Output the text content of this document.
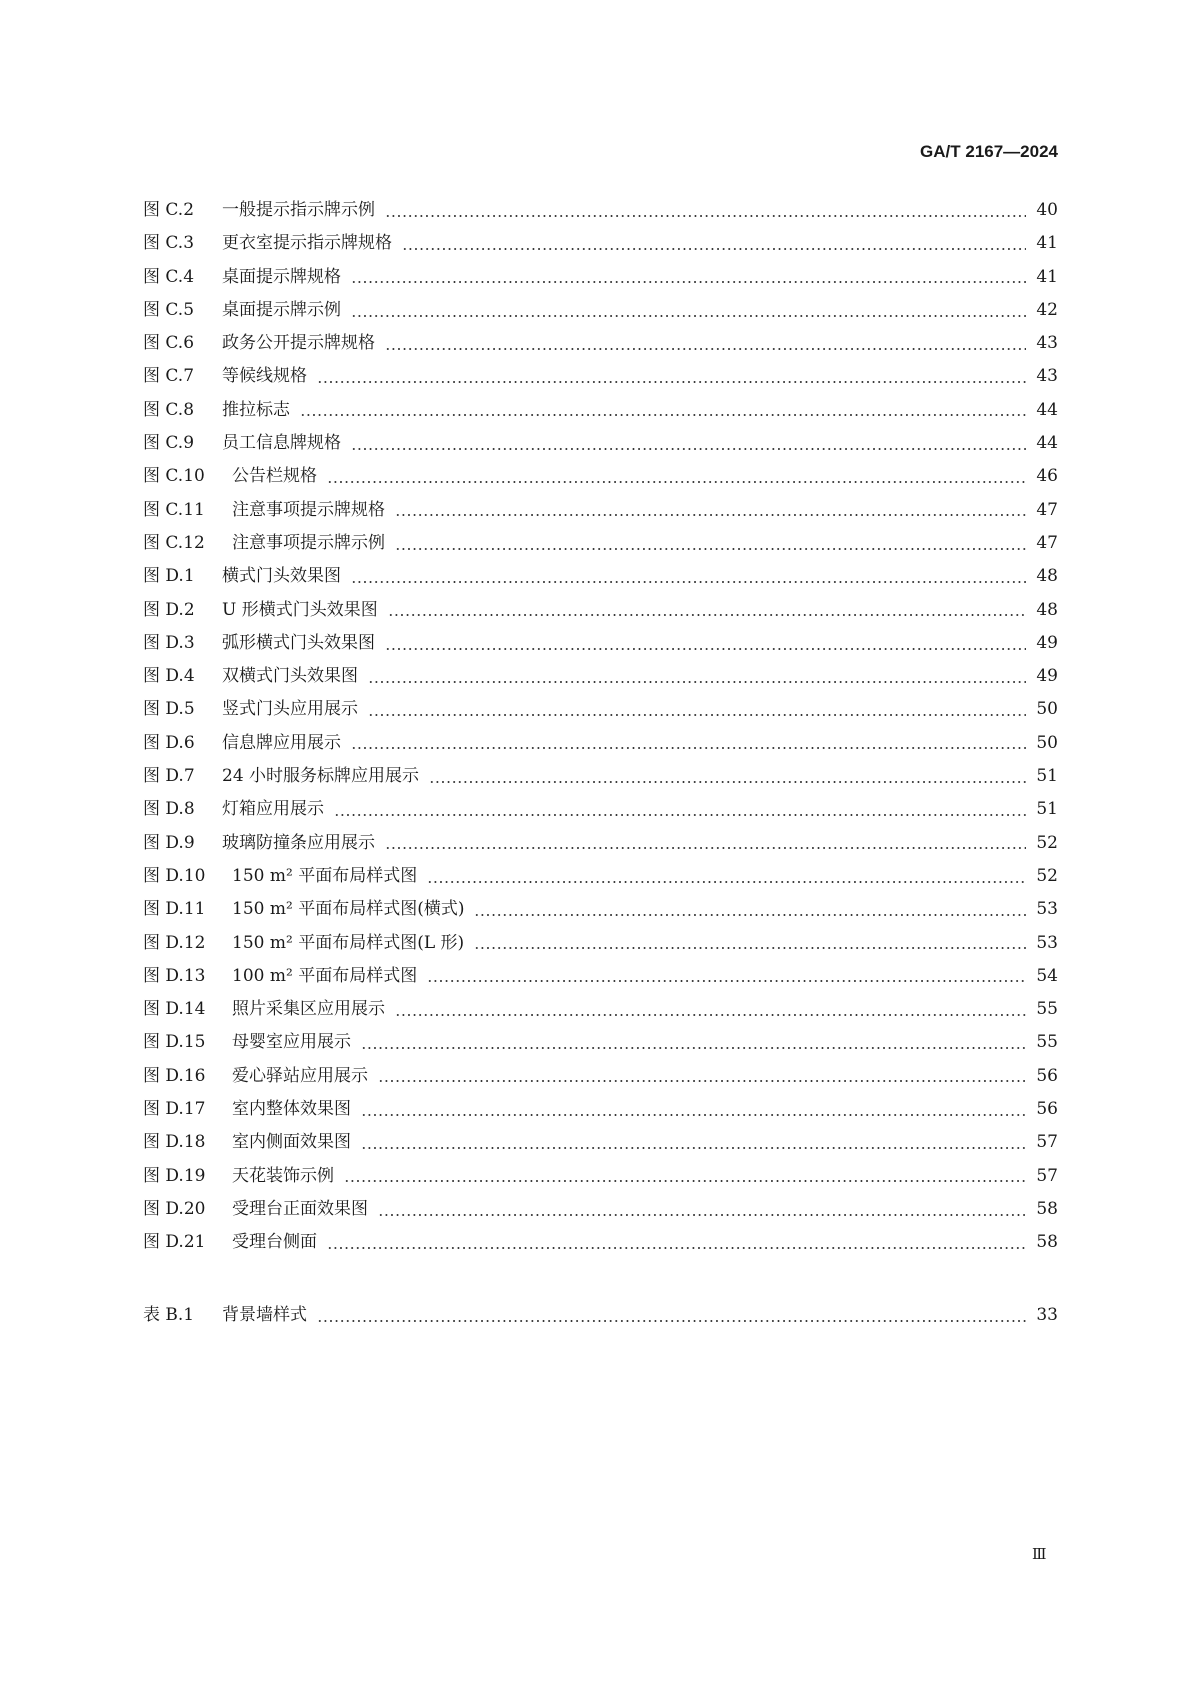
GA/T 2167—2024
图 C.2	一般提示指示牌示例	40
图 C.3	更衣室提示指示牌规格	41
图 C.4	桌面提示牌规格	41
图 C.5	桌面提示牌示例	42
图 C.6	政务公开提示牌规格	43
图 C.7	等候线规格	43
图 C.8	推拉标志	44
图 C.9	员工信息牌规格	44
图 C.10	公告栏规格	46
图 C.11	注意事项提示牌规格	47
图 C.12	注意事项提示牌示例	47
图 D.1	横式门头效果图	48
图 D.2	U 形横式门头效果图	48
图 D.3	弧形横式门头效果图	49
图 D.4	双横式门头效果图	49
图 D.5	竖式门头应用展示	50
图 D.6	信息牌应用展示	50
图 D.7	24 小时服务标牌应用展示	51
图 D.8	灯箱应用展示	51
图 D.9	玻璃防撞条应用展示	52
图 D.10	150 m² 平面布局样式图	52
图 D.11	150 m² 平面布局样式图(横式)	53
图 D.12	150 m² 平面布局样式图(L 形)	53
图 D.13	100 m² 平面布局样式图	54
图 D.14	照片采集区应用展示	55
图 D.15	母婴室应用展示	55
图 D.16	爱心驿站应用展示	56
图 D.17	室内整体效果图	56
图 D.18	室内侧面效果图	57
图 D.19	天花装饰示例	57
图 D.20	受理台正面效果图	58
图 D.21	受理台侧面	58
表 B.1	背景墙样式	33
Ⅲ
